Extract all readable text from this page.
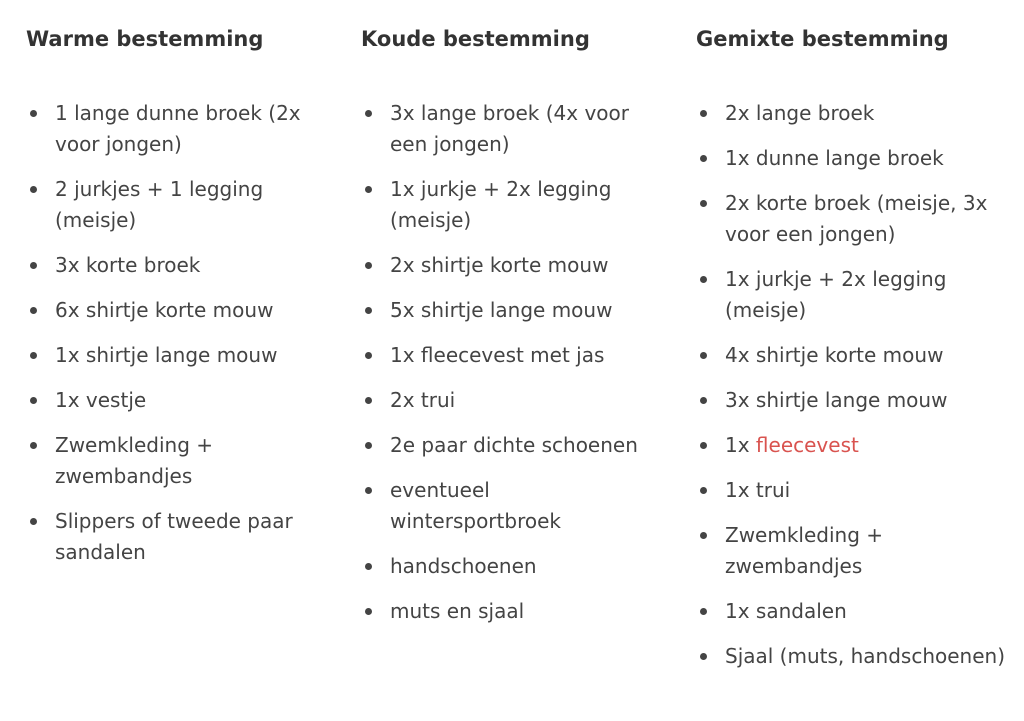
Warme bestemming
1 lange dunne broek (2x voor jongen)
2 jurkjes + 1 legging (meisje)
3x korte broek
6x shirtje korte mouw
1x shirtje lange mouw
1x vestje
Zwemkleding + zwembandjes
Slippers of tweede paar sandalen
Koude bestemming
3x lange broek (4x voor een jongen)
1x jurkje + 2x legging (meisje)
2x shirtje korte mouw
5x shirtje lange mouw
1x fleecevest met jas
2x trui
2e paar dichte schoenen
eventueel wintersportbroek
handschoenen
muts en sjaal
Gemixte bestemming
2x lange broek
1x dunne lange broek
2x korte broek (meisje, 3x voor een jongen)
1x jurkje + 2x legging (meisje)
4x shirtje korte mouw
3x shirtje lange mouw
1x fleecevest
1x trui
Zwemkleding + zwembandjes
1x sandalen
Sjaal (muts, handschoenen)
